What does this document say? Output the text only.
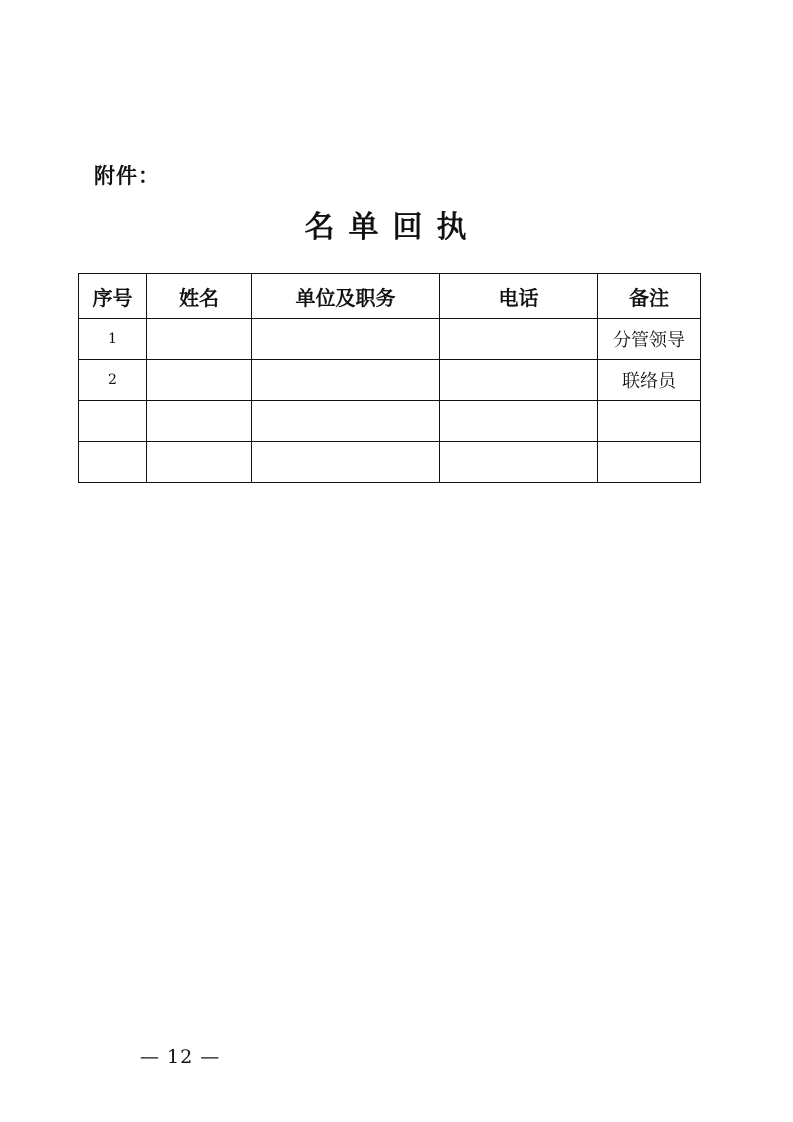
附件：
名单回执
序号	姓名	单位及职务	电话	备注
1				分管领导
2				联络员

— 12 —
